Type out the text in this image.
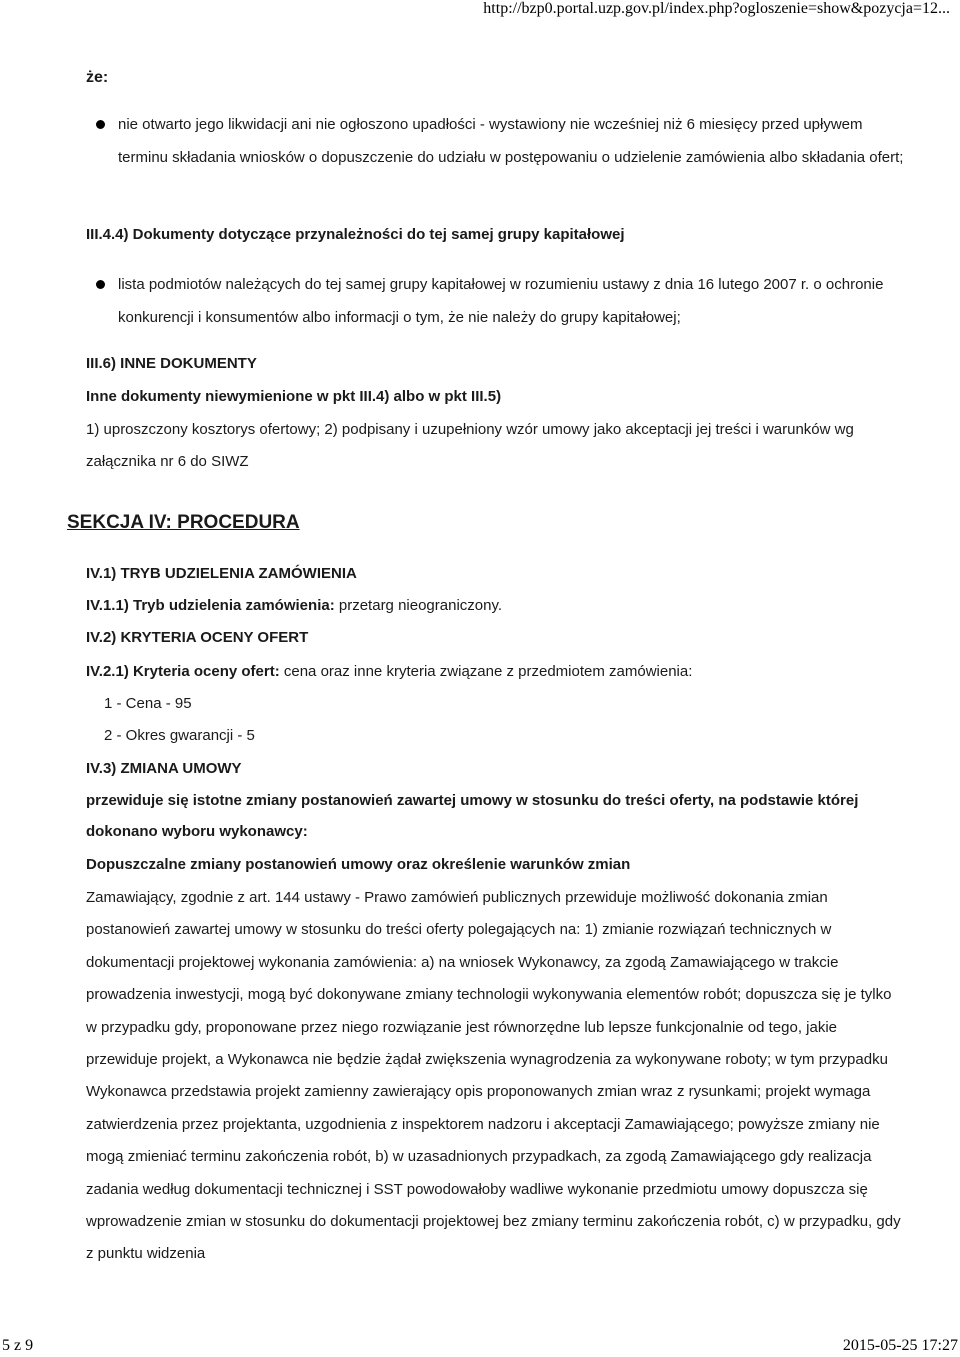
http://bzp0.portal.uzp.gov.pl/index.php?ogloszenie=show&pozycja=12...
że:
nie otwarto jego likwidacji ani nie ogłoszono upadłości - wystawiony nie wcześniej niż 6 miesięcy przed upływem terminu składania wniosków o dopuszczenie do udziału w postępowaniu o udzielenie zamówienia albo składania ofert;
III.4.4) Dokumenty dotyczące przynależności do tej samej grupy kapitałowej
lista podmiotów należących do tej samej grupy kapitałowej w rozumieniu ustawy z dnia 16 lutego 2007 r. o ochronie konkurencji i konsumentów albo informacji o tym, że nie należy do grupy kapitałowej;
III.6) INNE DOKUMENTY
Inne dokumenty niewymienione w pkt III.4) albo w pkt III.5)
1) uproszczony kosztorys ofertowy; 2) podpisany i uzupełniony wzór umowy jako akceptacji jej treści i warunków wg załącznika nr 6 do SIWZ
SEKCJA IV: PROCEDURA
IV.1) TRYB UDZIELENIA ZAMÓWIENIA
IV.1.1) Tryb udzielenia zamówienia: przetarg nieograniczony.
IV.2) KRYTERIA OCENY OFERT
IV.2.1) Kryteria oceny ofert: cena oraz inne kryteria związane z przedmiotem zamówienia:
1 - Cena - 95
2 - Okres gwarancji - 5
IV.3) ZMIANA UMOWY
przewiduje się istotne zmiany postanowień zawartej umowy w stosunku do treści oferty, na podstawie której dokonano wyboru wykonawcy:
Dopuszczalne zmiany postanowień umowy oraz określenie warunków zmian
Zamawiający, zgodnie z art. 144 ustawy - Prawo zamówień publicznych przewiduje możliwość dokonania zmian postanowień zawartej umowy w stosunku do treści oferty polegających na: 1) zmianie rozwiązań technicznych w dokumentacji projektowej wykonania zamówienia: a) na wniosek Wykonawcy, za zgodą Zamawiającego w trakcie prowadzenia inwestycji, mogą być dokonywane zmiany technologii wykonywania elementów robót; dopuszcza się je tylko w przypadku gdy, proponowane przez niego rozwiązanie jest równorzędne lub lepsze funkcjonalnie od tego, jakie przewiduje projekt, a Wykonawca nie będzie żądał zwiększenia wynagrodzenia za wykonywane roboty; w tym przypadku Wykonawca przedstawia projekt zamienny zawierający opis proponowanych zmian wraz z rysunkami; projekt wymaga zatwierdzenia przez projektanta, uzgodnienia z inspektorem nadzoru i akceptacji Zamawiającego; powyższe zmiany nie mogą zmieniać terminu zakończenia robót, b) w uzasadnionych przypadkach, za zgodą Zamawiającego gdy realizacja zadania według dokumentacji technicznej i SST powodowałoby wadliwe wykonanie przedmiotu umowy dopuszcza się wprowadzenie zmian w stosunku do dokumentacji projektowej bez zmiany terminu zakończenia robót, c) w przypadku, gdy z punktu widzenia
5 z 9	2015-05-25 17:27
